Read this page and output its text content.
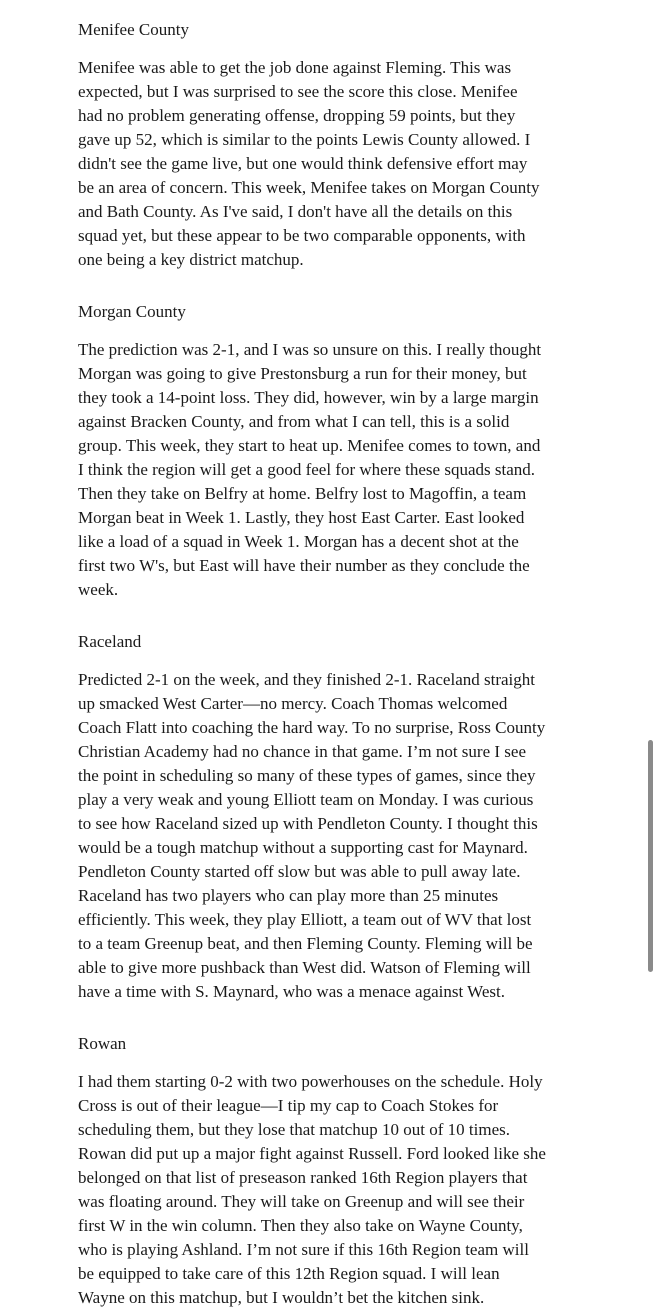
Menifee County
Menifee was able to get the job done against Fleming. This was
expected, but I was surprised to see the score this close. Menifee
had no problem generating offense, dropping 59 points, but they
gave up 52, which is similar to the points Lewis County allowed. I
didn't see the game live, but one would think defensive effort may
be an area of concern. This week, Menifee takes on Morgan County
and Bath County. As I've said, I don't have all the details on this
squad yet, but these appear to be two comparable opponents, with
one being a key district matchup.
Morgan County
The prediction was 2-1, and I was so unsure on this. I really thought
Morgan was going to give Prestonsburg a run for their money, but
they took a 14-point loss. They did, however, win by a large margin
against Bracken County, and from what I can tell, this is a solid
group. This week, they start to heat up. Menifee comes to town, and
I think the region will get a good feel for where these squads stand.
Then they take on Belfry at home. Belfry lost to Magoffin, a team
Morgan beat in Week 1. Lastly, they host East Carter. East looked
like a load of a squad in Week 1. Morgan has a decent shot at the
first two W's, but East will have their number as they conclude the
week.
Raceland
Predicted 2-1 on the week, and they finished 2-1. Raceland straight
up smacked West Carter—no mercy. Coach Thomas welcomed
Coach Flatt into coaching the hard way. To no surprise, Ross County
Christian Academy had no chance in that game. I’m not sure I see
the point in scheduling so many of these types of games, since they
play a very weak and young Elliott team on Monday. I was curious
to see how Raceland sized up with Pendleton County. I thought this
would be a tough matchup without a supporting cast for Maynard.
Pendleton County started off slow but was able to pull away late.
Raceland has two players who can play more than 25 minutes
efficiently. This week, they play Elliott, a team out of WV that lost
to a team Greenup beat, and then Fleming County. Fleming will be
able to give more pushback than West did. Watson of Fleming will
have a time with S. Maynard, who was a menace against West.
Rowan
I had them starting 0-2 with two powerhouses on the schedule. Holy
Cross is out of their league—I tip my cap to Coach Stokes for
scheduling them, but they lose that matchup 10 out of 10 times.
Rowan did put up a major fight against Russell. Ford looked like she
belonged on that list of preseason ranked 16th Region players that
was floating around. They will take on Greenup and will see their
first W in the win column. Then they also take on Wayne County,
who is playing Ashland. I’m not sure if this 16th Region team will
be equipped to take care of this 12th Region squad. I will lean
Wayne on this matchup, but I wouldn’t bet the kitchen sink.
